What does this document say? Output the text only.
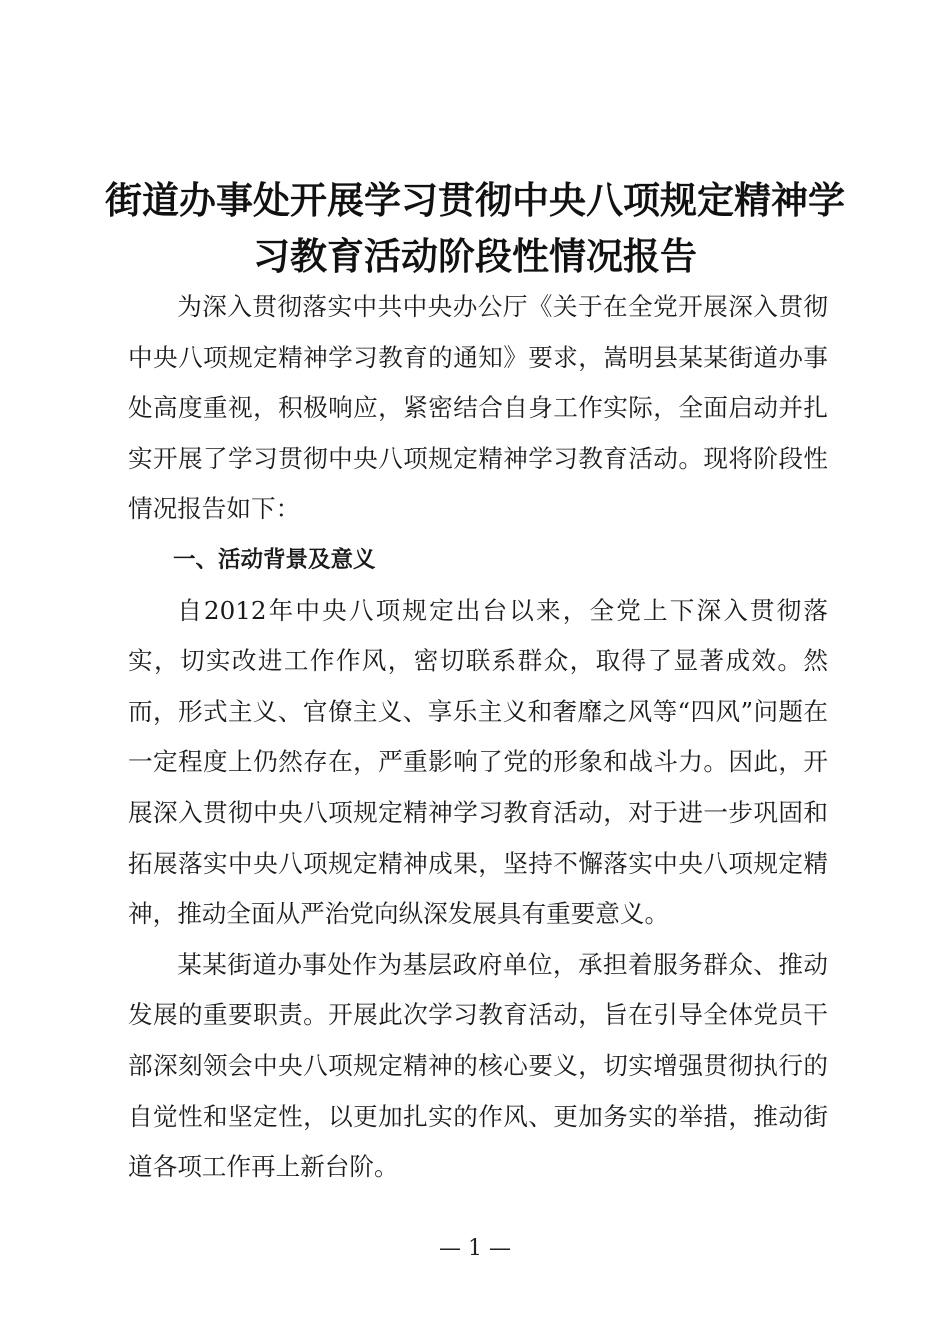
街道办事处开展学习贯彻中央八项规定精神学
习教育活动阶段性情况报告

为深入贯彻落实中共中央办公厅《关于在全党开展深入贯彻中央八项规定精神学习教育的通知》要求，嵩明县某某街道办事处高度重视，积极响应，紧密结合自身工作实际，全面启动并扎实开展了学习贯彻中央八项规定精神学习教育活动。现将阶段性情况报告如下：

一、活动背景及意义

自2012年中央八项规定出台以来，全党上下深入贯彻落实，切实改进工作作风，密切联系群众，取得了显著成效。然而，形式主义、官僚主义、享乐主义和奢靡之风等“四风”问题在一定程度上仍然存在，严重影响了党的形象和战斗力。因此，开展深入贯彻中央八项规定精神学习教育活动，对于进一步巩固和拓展落实中央八项规定精神成果，坚持不懈落实中央八项规定精神，推动全面从严治党向纵深发展具有重要意义。

某某街道办事处作为基层政府单位，承担着服务群众、推动发展的重要职责。开展此次学习教育活动，旨在引导全体党员干部深刻领会中央八项规定精神的核心要义，切实增强贯彻执行的自觉性和坚定性，以更加扎实的作风、更加务实的举措，推动街道各项工作再上新台阶。

— 1 —
